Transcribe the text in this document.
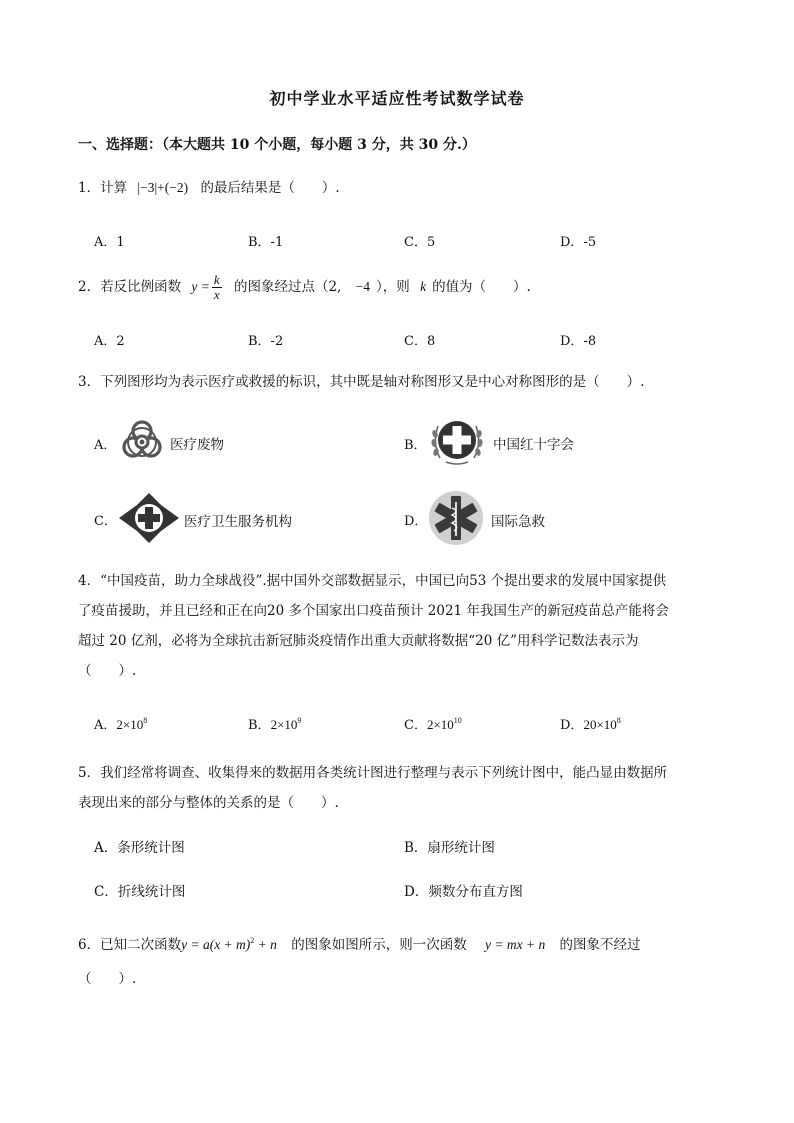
初中学业水平适应性考试数学试卷
一、选择题：（本大题共 10 个小题，每小题 3 分，共 30 分.）
1．计算 |−3|+(−2) 的最后结果是（　　）.
A．1	B．-1	C．5	D．-5
2．若反比例函数 $y = \frac{k}{x}$ 的图象经过点（2, −4 ），则 k 的值为（　　）.
A．2	B．-2	C．8	D．-8
3．下列图形均为表示医疗或救援的标识，其中既是轴对称图形又是中心对称图形的是（　　）.
A．	医疗废物	B．	中国红十字会
C．	医疗卫生服务机构	D．	国际急救
4．“中国疫苗，助力全球战役”.据中国外交部数据显示，中国已向53 个提出要求的发展中国家提供
了疫苗援助，并且已经和正在向20 多个国家出口疫苗预计 2021 年我国生产的新冠疫苗总产能将会
超过 20 亿剂，必将为全球抗击新冠肺炎疫情作出重大贡献将数据“20 亿”用科学记数法表示为
（　　）.
A．$2\times 10^8$	B．$2\times 10^9$	C．$2\times 10^{10}$	D．$20\times 10^8$
5．我们经常将调查、收集得来的数据用各类统计图进行整理与表示下列统计图中，能凸显由数据所
表现出来的部分与整体的关系的是（　　）.
A．条形统计图	B．扇形统计图
C．折线统计图	D．频数分布直方图
6．已知二次函数$y = a(x + m)^2 + n$ 的图象如图所示，则一次函数 y = mx + n 的图象不经过
（　　）.
